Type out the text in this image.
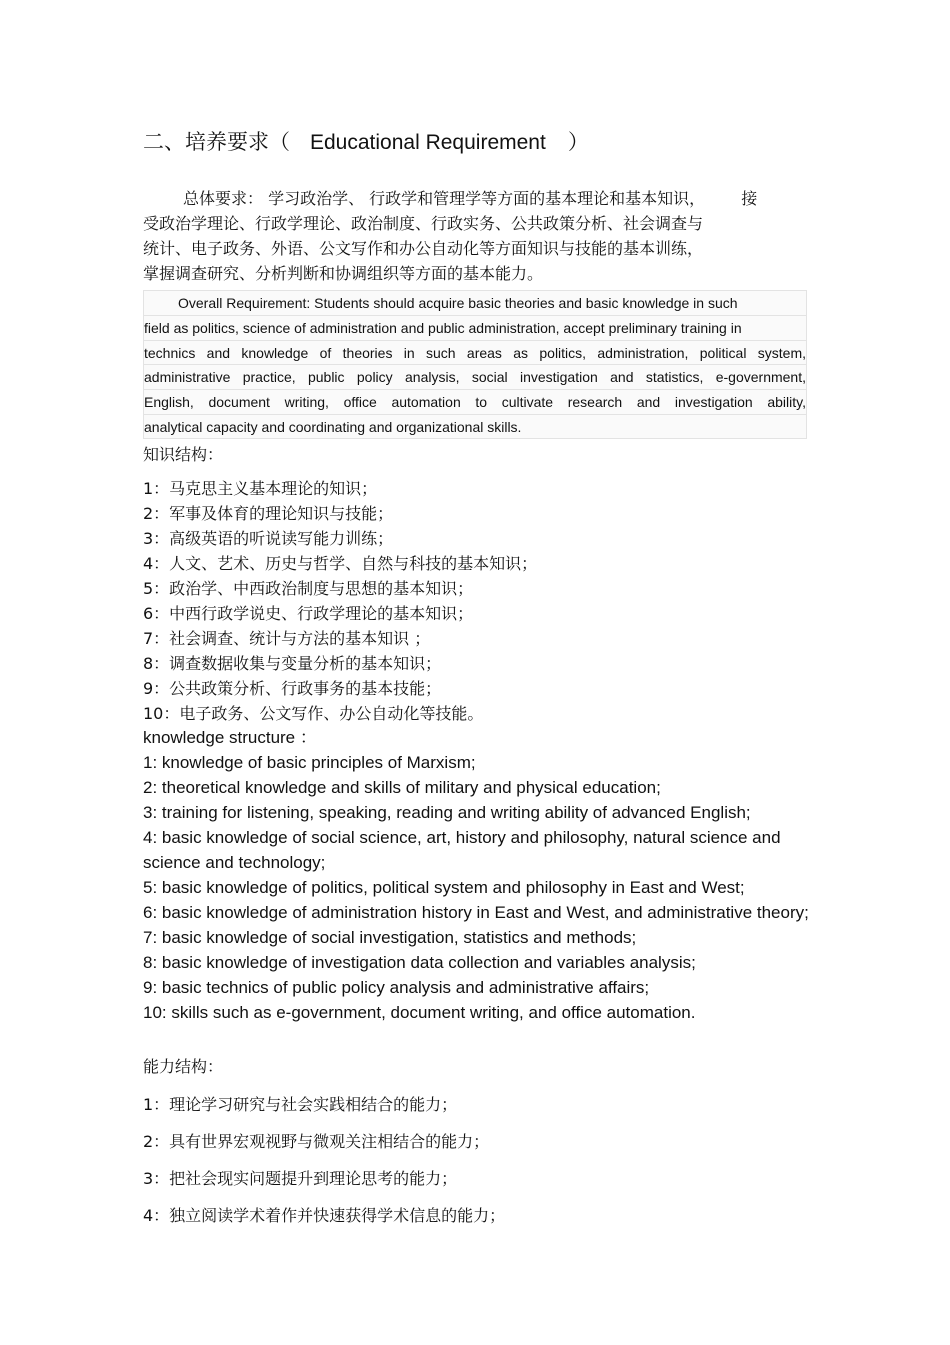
二、培养要求（ Educational Requirement ）
总体要求： 学习政治学、 行政学和管理学等方面的基本理论和基本知识， 接
受政治学理论、行政学理论、政治制度、行政实务、公共政策分析、社会调查与
统计、电子政务、外语、公文写作和办公自动化等方面知识与技能的基本训练，
掌握调查研究、分析判断和协调组织等方面的基本能力。
Overall Requirement: Students should acquire basic theories and basic knowledge in such
field as politics, science of administration and public administration, accept preliminary training in
technics and knowledge of theories in such areas as politics, administration, political system,
administrative practice, public policy analysis, social investigation and statistics, e-government,
English, document writing, office automation to cultivate research and investigation ability,
analytical capacity and coordinating and organizational skills.
知识结构：
1：马克思主义基本理论的知识；
2：军事及体育的理论知识与技能；
3：高级英语的听说读写能力训练；
4：人文、艺术、历史与哲学、自然与科技的基本知识；
5：政治学、中西政治制度与思想的基本知识；
6：中西行政学说史、行政学理论的基本知识；
7：社会调查、统计与方法的基本知识 ；
8：调查数据收集与变量分析的基本知识；
9：公共政策分析、行政事务的基本技能；
10：电子政务、公文写作、办公自动化等技能。
knowledge structure ：
1: knowledge of basic principles of Marxism;
2: theoretical knowledge and skills of military and physical education;
3: training for listening, speaking, reading and writing ability of advanced English;
4: basic knowledge of social science, art, history and philosophy, natural science and science and technology;
5: basic knowledge of politics, political system and philosophy in East and West;
6: basic knowledge of administration history in East and West, and administrative theory;
7: basic knowledge of social investigation, statistics and methods;
8: basic knowledge of investigation data collection and variables analysis;
9: basic technics of public policy analysis and administrative affairs;
10: skills such as e-government, document writing, and office automation.
能力结构：
1：理论学习研究与社会实践相结合的能力；
2：具有世界宏观视野与微观关注相结合的能力；
3：把社会现实问题提升到理论思考的能力；
4：独立阅读学术着作并快速获得学术信息的能力；
